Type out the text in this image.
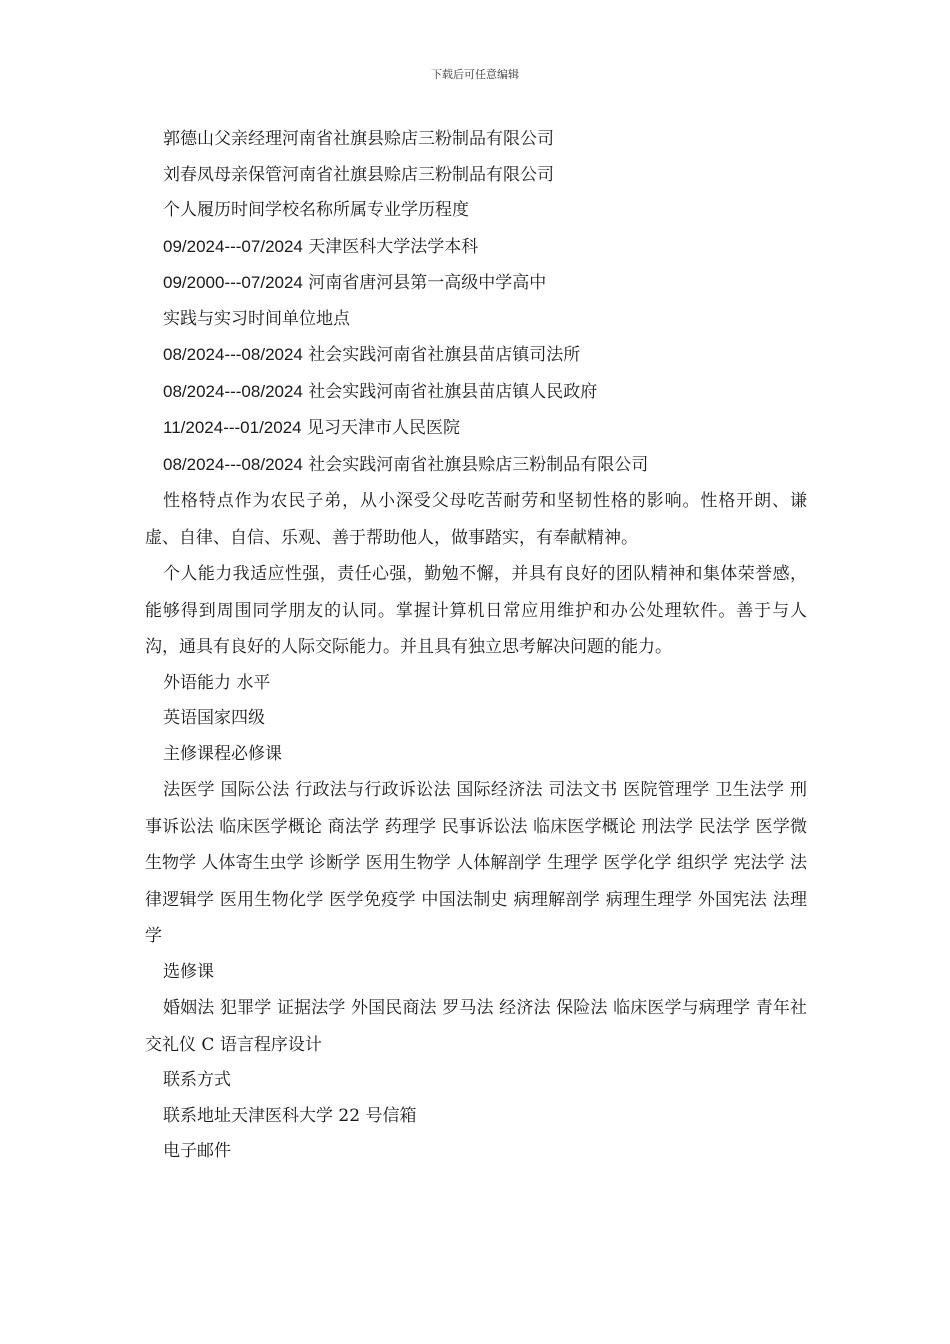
下载后可任意编辑
郭德山父亲经理河南省社旗县赊店三粉制品有限公司
刘春凤母亲保管河南省社旗县赊店三粉制品有限公司
个人履历时间学校名称所属专业学历程度
09/2024---07/2024 天津医科大学法学本科
09/2000---07/2024 河南省唐河县第一高级中学高中
实践与实习时间单位地点
08/2024---08/2024 社会实践河南省社旗县苗店镇司法所
08/2024---08/2024 社会实践河南省社旗县苗店镇人民政府
11/2024---01/2024 见习天津市人民医院
08/2024---08/2024 社会实践河南省社旗县赊店三粉制品有限公司
性格特点作为农民子弟，从小深受父母吃苦耐劳和坚韧性格的影响。性格开朗、谦虚、自律、自信、乐观、善于帮助他人，做事踏实，有奉献精神。
个人能力我适应性强，责任心强，勤勉不懈，并具有良好的团队精神和集体荣誉感，能够得到周围同学朋友的认同。掌握计算机日常应用维护和办公处理软件。善于与人沟，通具有良好的人际交际能力。并且具有独立思考解决问题的能力。
外语能力 水平
英语国家四级
主修课程必修课
法医学 国际公法 行政法与行政诉讼法 国际经济法 司法文书 医院管理学 卫生法学 刑事诉讼法 临床医学概论 商法学 药理学 民事诉讼法 临床医学概论 刑法学 民法学 医学微生物学 人体寄生虫学 诊断学 医用生物学 人体解剖学 生理学 医学化学 组织学 宪法学 法律逻辑学 医用生物化学 医学免疫学 中国法制史 病理解剖学 病理生理学 外国宪法 法理学
选修课
婚姻法 犯罪学 证据法学 外国民商法 罗马法 经济法 保险法 临床医学与病理学 青年社交礼仪 C 语言程序设计
联系方式
联系地址天津医科大学 22 号信箱
电子邮件
